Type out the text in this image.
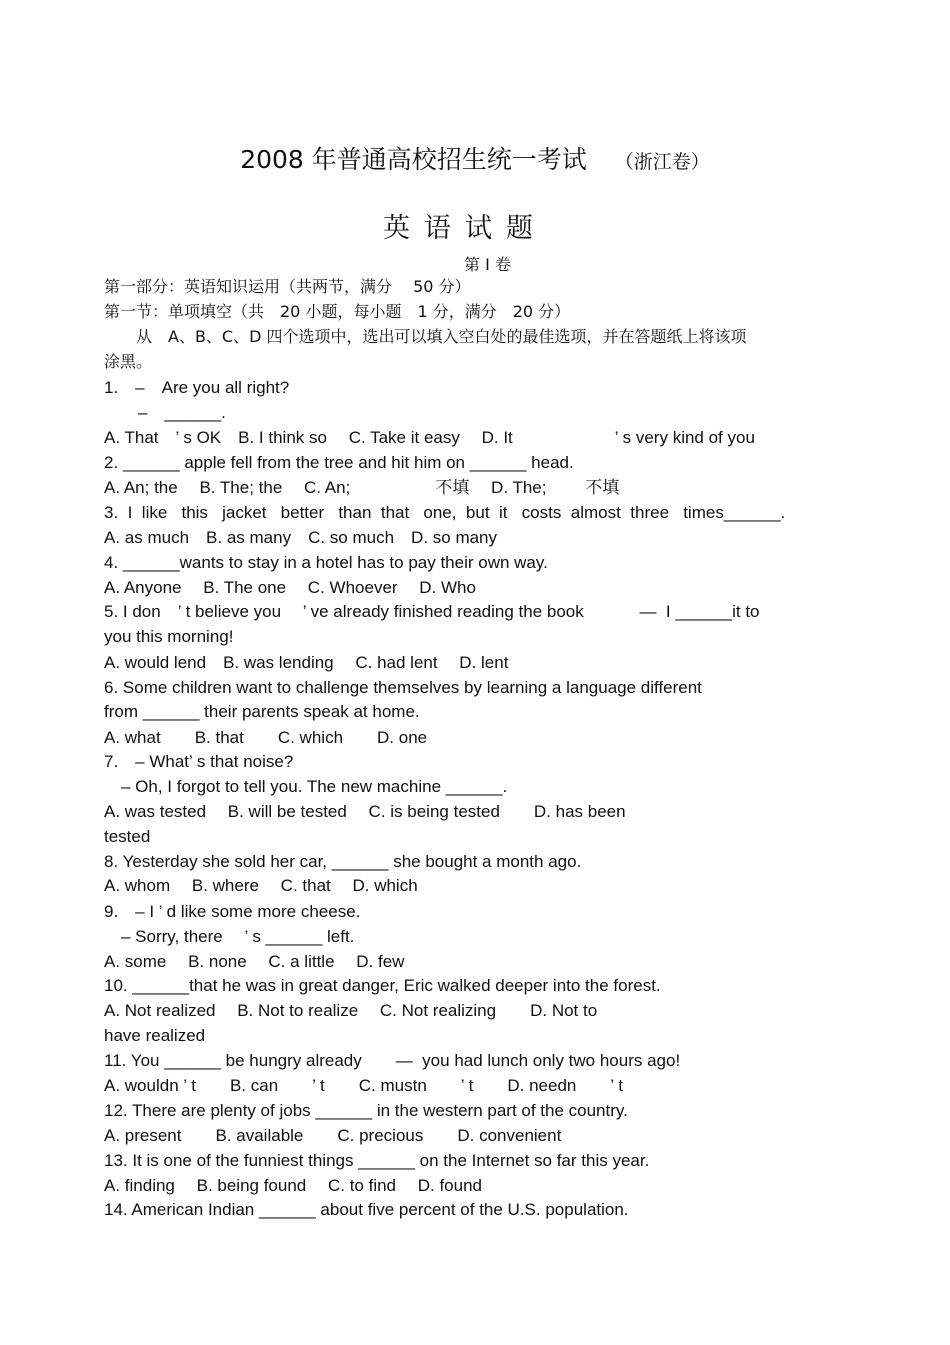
2008 年普通高校招生统一考试 （浙江卷）
英语试题
第 I 卷
第一部分：英语知识运用（共两节，满分　 50 分）
第一节：单项填空（共　20 小题，每小题　1 分，满分　20 分）
　　从　A、B、C、D 四个选项中，选出可以填入空白处的最佳选项，并在答题纸上将该项
涂黑。
1.　–　Are you all right?
　　–　______.
A. That　’ s OK　B. I think so　 C. Take it easy　 D. It　　　　　　’ s very kind of you
2. ______ apple fell from the tree and hit him on ______ head.
A. An; the　 B. The; the　 C. An;　　　　　不填　 D. The;　　 不填
3.  I  like   this   jacket   better   than  that   one,  but  it   costs  almost  three   times______.
A. as much　B. as many　C. so much　D. so many
4. ______wants to stay in a hotel has to pay their own way.
A. Anyone　 B. The one　 C. Whoever　 D. Who
5. I don　’ t believe you　 ’ ve already finished reading the book　　　 —  I ______it to
you this morning!
A. would lend　B. was lending　 C. had lent　 D. lent
6. Some children want to challenge themselves by learning a language different
from ______ their parents speak at home.
A. what　　B. that　　C. which　　D. one
7.　– What’ s that noise?
　– Oh, I forgot to tell you. The new machine ______.
A. was tested　 B. will be tested　 C. is being tested　　D. has been
tested
8. Yesterday she sold her car, ______ she bought a month ago.
A. whom　 B. where　 C. that　 D. which
9.　– I ’ d like some more cheese.
　– Sorry, there　 ’ s ______ left.
A. some　 B. none　 C. a little　 D. few
10. ______that he was in great danger, Eric walked deeper into the forest.
A. Not realized　 B. Not to realize　 C. Not realizing　　D. Not to
have realized
11. You ______ be hungry already　　—  you had lunch only two hours ago!
A. wouldn ’ t　　B. can　　’ t　　C. mustn　　’ t　　D. needn　　’ t
12. There are plenty of jobs ______ in the western part of the country.
A. present　　B. available　　C. precious　　D. convenient
13. It is one of the funniest things ______ on the Internet so far this year.
A. finding　 B. being found　 C. to find　 D. found
14. American Indian ______ about five percent of the U.S. population.
